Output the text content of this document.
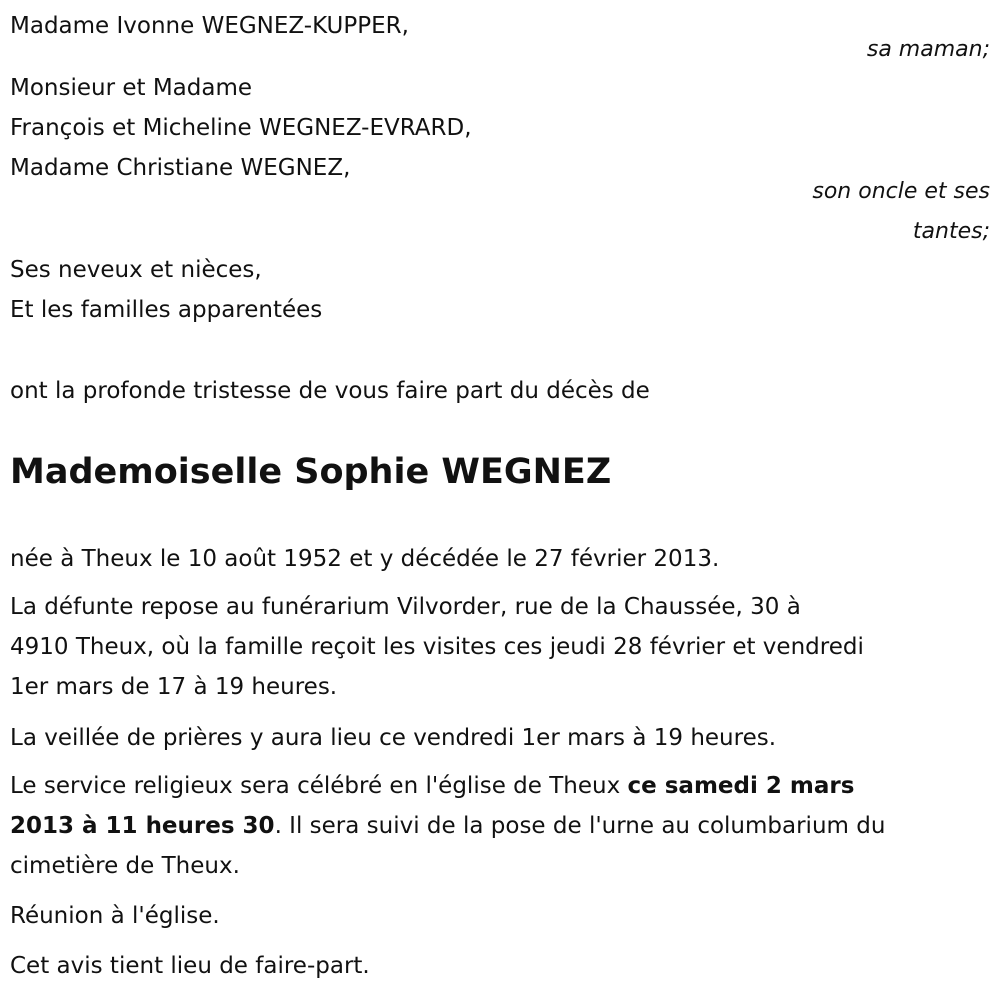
Madame Ivonne WEGNEZ-KUPPER,
sa maman;
Monsieur et Madame
François et Micheline WEGNEZ-EVRARD,
Madame Christiane WEGNEZ,
son oncle et ses
tantes;
Ses neveux et nièces,
Et les familles apparentées
ont la profonde tristesse de vous faire part du décès de
Mademoiselle Sophie WEGNEZ
née à Theux le 10 août 1952 et y décédée le 27 février 2013.
La défunte repose au funérarium Vilvorder, rue de la Chaussée, 30 à
4910 Theux, où la famille reçoit les visites ces jeudi 28 février et vendredi
1er mars de 17 à 19 heures.
La veillée de prières y aura lieu ce vendredi 1er mars à 19 heures.
Le service religieux sera célébré en l'église de Theux ce samedi 2 mars
2013 à 11 heures 30. Il sera suivi de la pose de l'urne au columbarium du
cimetière de Theux.
Réunion à l'église.
Cet avis tient lieu de faire-part.
